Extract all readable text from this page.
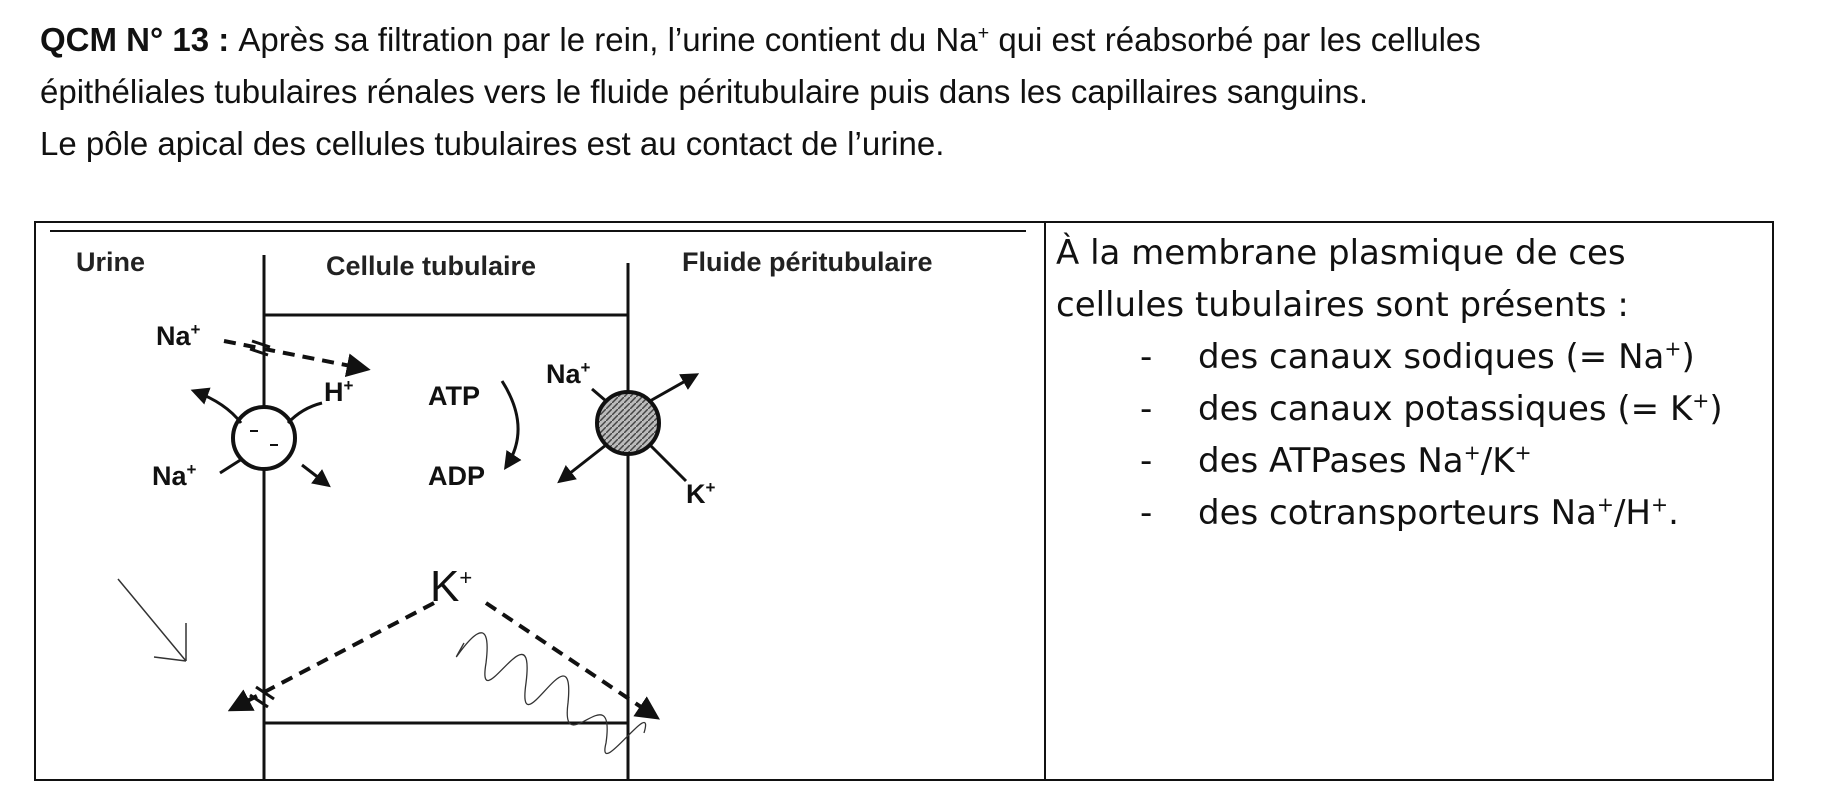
QCM N° 13 : Après sa filtration par le rein, l’urine contient du Na+ qui est réabsorbé par les cellules

épithéliales tubulaires rénales vers le fluide péritubulaire puis dans les capillaires sanguins.

Le pôle apical des cellules tubulaires est au contact de l’urine.

Urine	Cellule tubulaire	Fluide péritubulaire
Na+
H+
Na+
ATP
ADP
Na+
K+
K+

À la membrane plasmique de ces cellules tubulaires sont présents :

- des canaux sodiques (= Na+)
- des canaux potassiques (= K+)
- des ATPases Na+/K+
- des cotransporteurs Na+/H+.
